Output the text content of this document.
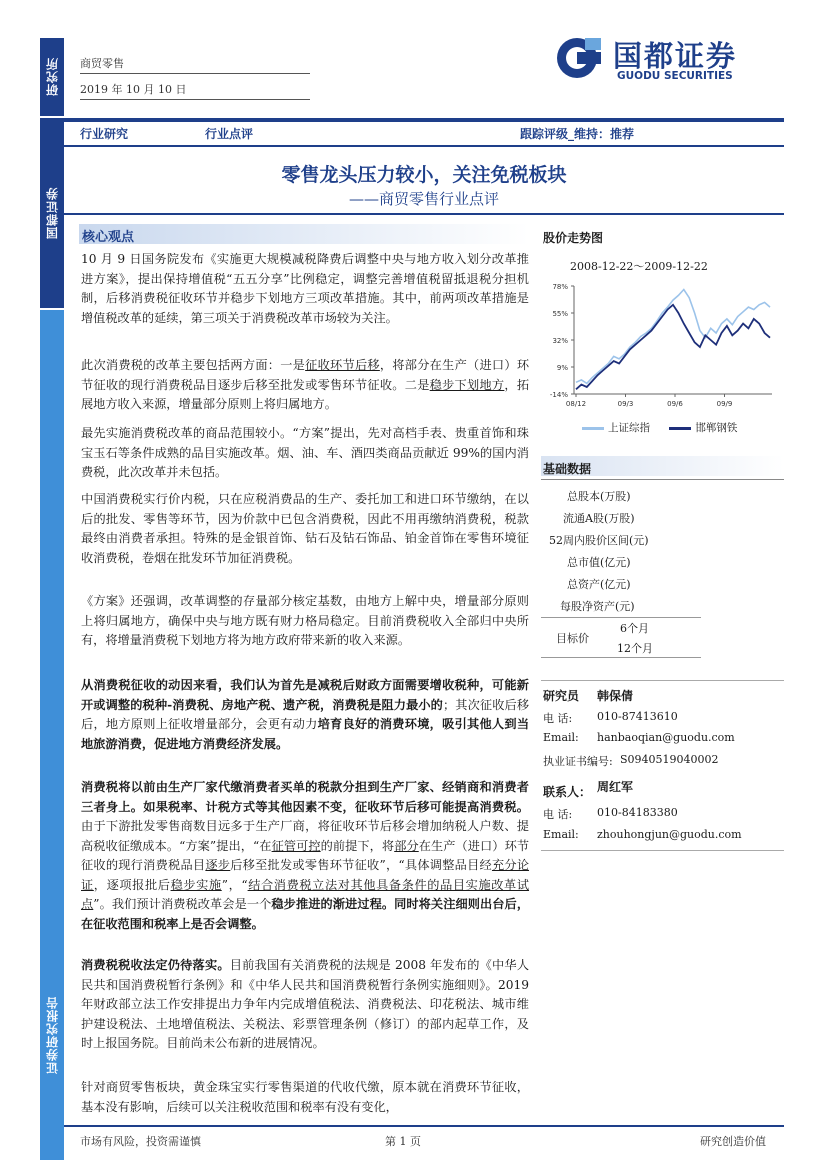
研究所
国都证券
证券研究报告
商贸零售
2019 年 10 月 10 日
国都证券
GUODU SECURITIES
行业研究	行业点评	跟踪评级_维持：推荐
零售龙头压力较小，关注免税板块
——商贸零售行业点评
核心观点
10 月 9 日国务院发布《实施更大规模减税降费后调整中央与地方收入划分改革推进方案》，提出保持增值税“五五分享”比例稳定，调整完善增值税留抵退税分担机制，后移消费税征收环节并稳步下划地方三项改革措施。其中，前两项改革措施是增值税改革的延续，第三项关于消费税改革市场较为关注。
此次消费税的改革主要包括两方面：一是征收环节后移，将部分在生产（进口）环节征收的现行消费税品目逐步后移至批发或零售环节征收。二是稳步下划地方，拓展地方收入来源，增量部分原则上将归属地方。
最先实施消费税改革的商品范围较小。“方案”提出，先对高档手表、贵重首饰和珠宝玉石等条件成熟的品目实施改革。烟、油、车、酒四类商品贡献近 99%的国内消费税，此次改革并未包括。
中国消费税实行价内税，只在应税消费品的生产、委托加工和进口环节缴纳，在以后的批发、零售等环节，因为价款中已包含消费税，因此不用再缴纳消费税，税款最终由消费者承担。特殊的是金银首饰、钻石及钻石饰品、铂金首饰在零售环境征收消费税，卷烟在批发环节加征消费税。
《方案》还强调，改革调整的存量部分核定基数，由地方上解中央，增量部分原则上将归属地方，确保中央与地方既有财力格局稳定。目前消费税收入全部归中央所有，将增量消费税下划地方将为地方政府带来新的收入来源。
从消费税征收的动因来看，我们认为首先是减税后财政方面需要增收税种，可能新开或调整的税种-消费税、房地产税、遗产税，消费税是阻力最小的；其次征收后移后，地方原则上征收增量部分，会更有动力培育良好的消费环境，吸引其他人到当地旅游消费，促进地方消费经济发展。
消费税将以前由生产厂家代缴消费者买单的税款分担到生产厂家、经销商和消费者三者身上。如果税率、计税方式等其他因素不变，征收环节后移可能提高消费税。由于下游批发零售商数目远多于生产厂商，将征收环节后移会增加纳税人户数、提高税收征缴成本。“方案”提出，“在征管可控的前提下，将部分在生产（进口）环节征收的现行消费税品目逐步后移至批发或零售环节征收”，“具体调整品目经充分论证，逐项报批后稳步实施”，“结合消费税立法对其他具备条件的品目实施改革试点”。我们预计消费税改革会是一个稳步推进的渐进过程。同时将关注细则出台后，在征收范围和税率上是否会调整。
消费税税收法定仍待落实。目前我国有关消费税的法规是 2008 年发布的《中华人民共和国消费税暂行条例》和《中华人民共和国消费税暂行条例实施细则》。2019 年财政部立法工作安排提出力争年内完成增值税法、消费税法、印花税法、城市维护建设税法、土地增值税法、关税法、彩票管理条例（修订）的部内起草工作，及时上报国务院。目前尚未公布新的进展情况。
针对商贸零售板块，黄金珠宝实行零售渠道的代收代缴，原本就在消费环节征收，基本没有影响，后续可以关注税收范围和税率有没有变化，
股价走势图
2008-12-22～2009-12-22
78%
55%
32%
9%
-14%
08/12	09/3	09/6	09/9
上证综指	邯郸钢铁
基础数据
总股本(万股)
流通A股(万股)
52周内股价区间(元)
总市值(亿元)
总资产(亿元)
每股净资产(元)
目标价
6个月
12个月
研究员 韩保倩
电 话: 010-87413610
Email: hanbaoqian@guodu.com
执业证书编号: S0940519040002
联系人： 周红军
电 话: 010-84183380
Email: zhouhongjun@guodu.com
市场有风险，投资需谨慎	第 1 页	研究创造价值
